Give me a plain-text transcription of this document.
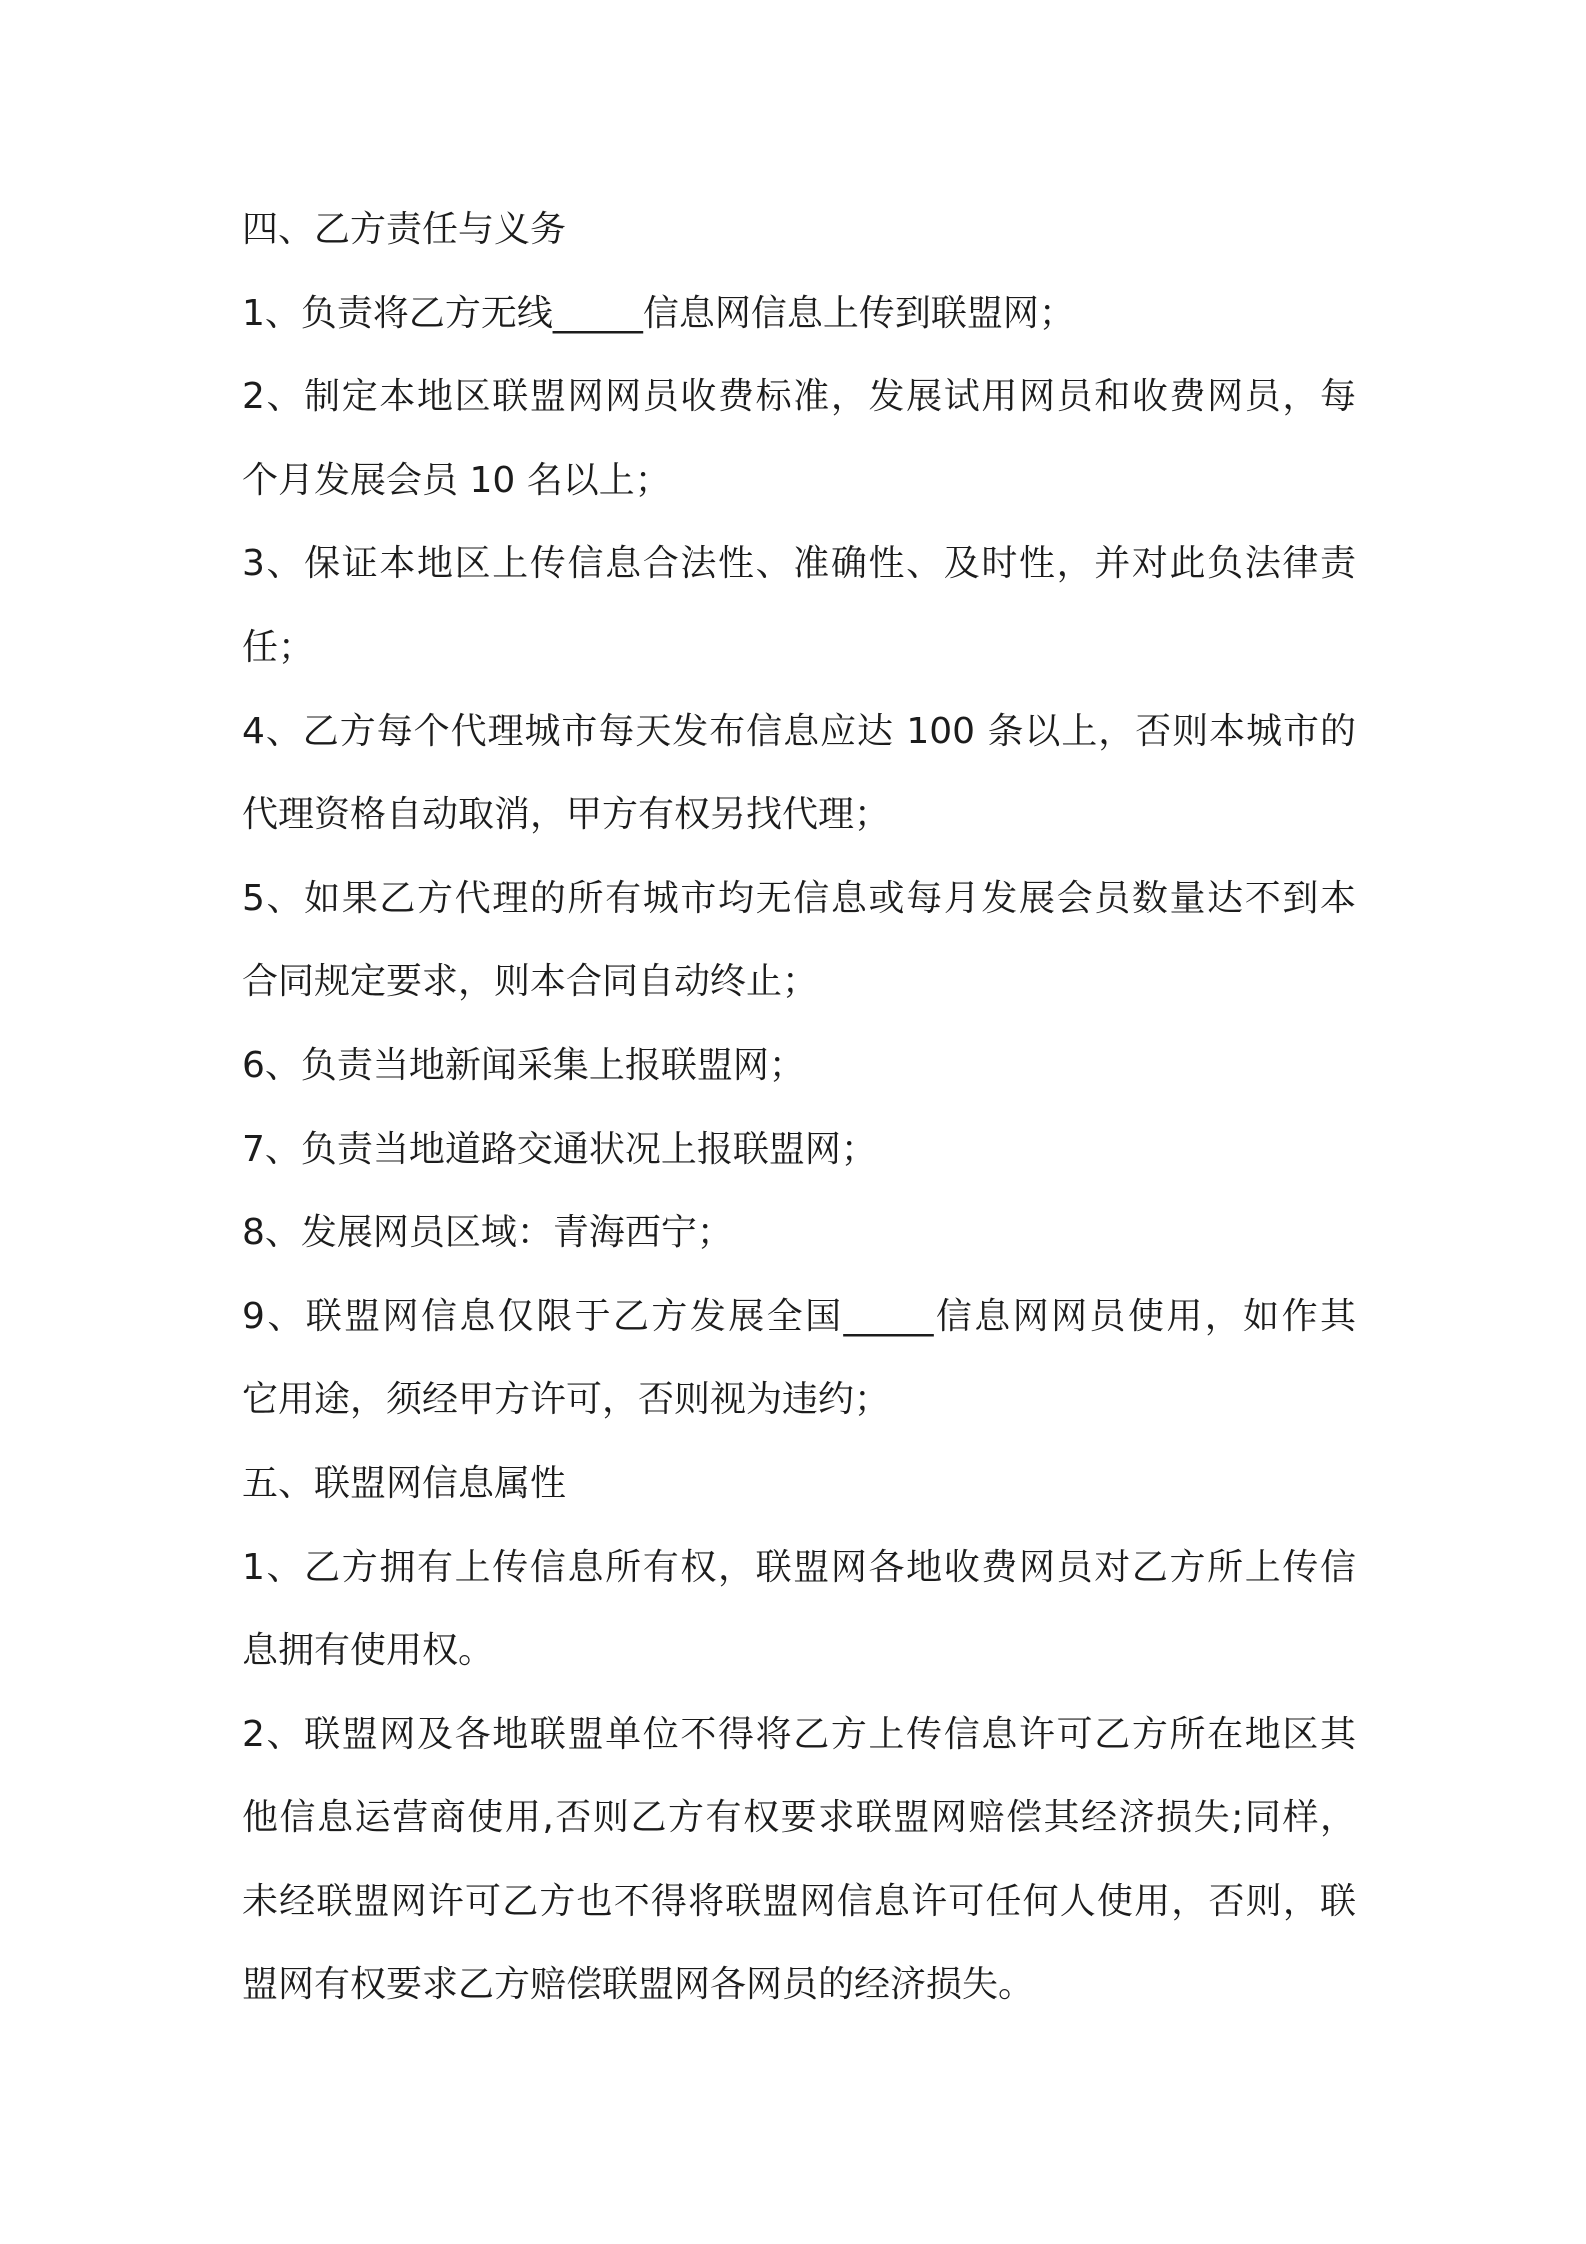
四、乙方责任与义务
1、负责将乙方无线_____信息网信息上传到联盟网；
2、制定本地区联盟网网员收费标准，发展试用网员和收费网员，每
个月发展会员 10 名以上；
3、保证本地区上传信息合法性、准确性、及时性，并对此负法律责
任；
4、乙方每个代理城市每天发布信息应达 100 条以上，否则本城市的
代理资格自动取消，甲方有权另找代理；
5、如果乙方代理的所有城市均无信息或每月发展会员数量达不到本
合同规定要求，则本合同自动终止；
6、负责当地新闻采集上报联盟网；
7、负责当地道路交通状况上报联盟网；
8、发展网员区域：青海西宁；
9、联盟网信息仅限于乙方发展全国_____信息网网员使用，如作其
它用途，须经甲方许可，否则视为违约；
五、联盟网信息属性
1、乙方拥有上传信息所有权，联盟网各地收费网员对乙方所上传信
息拥有使用权。
2、联盟网及各地联盟单位不得将乙方上传信息许可乙方所在地区其
他信息运营商使用,否则乙方有权要求联盟网赔偿其经济损失;同样，
未经联盟网许可乙方也不得将联盟网信息许可任何人使用，否则，联
盟网有权要求乙方赔偿联盟网各网员的经济损失。
